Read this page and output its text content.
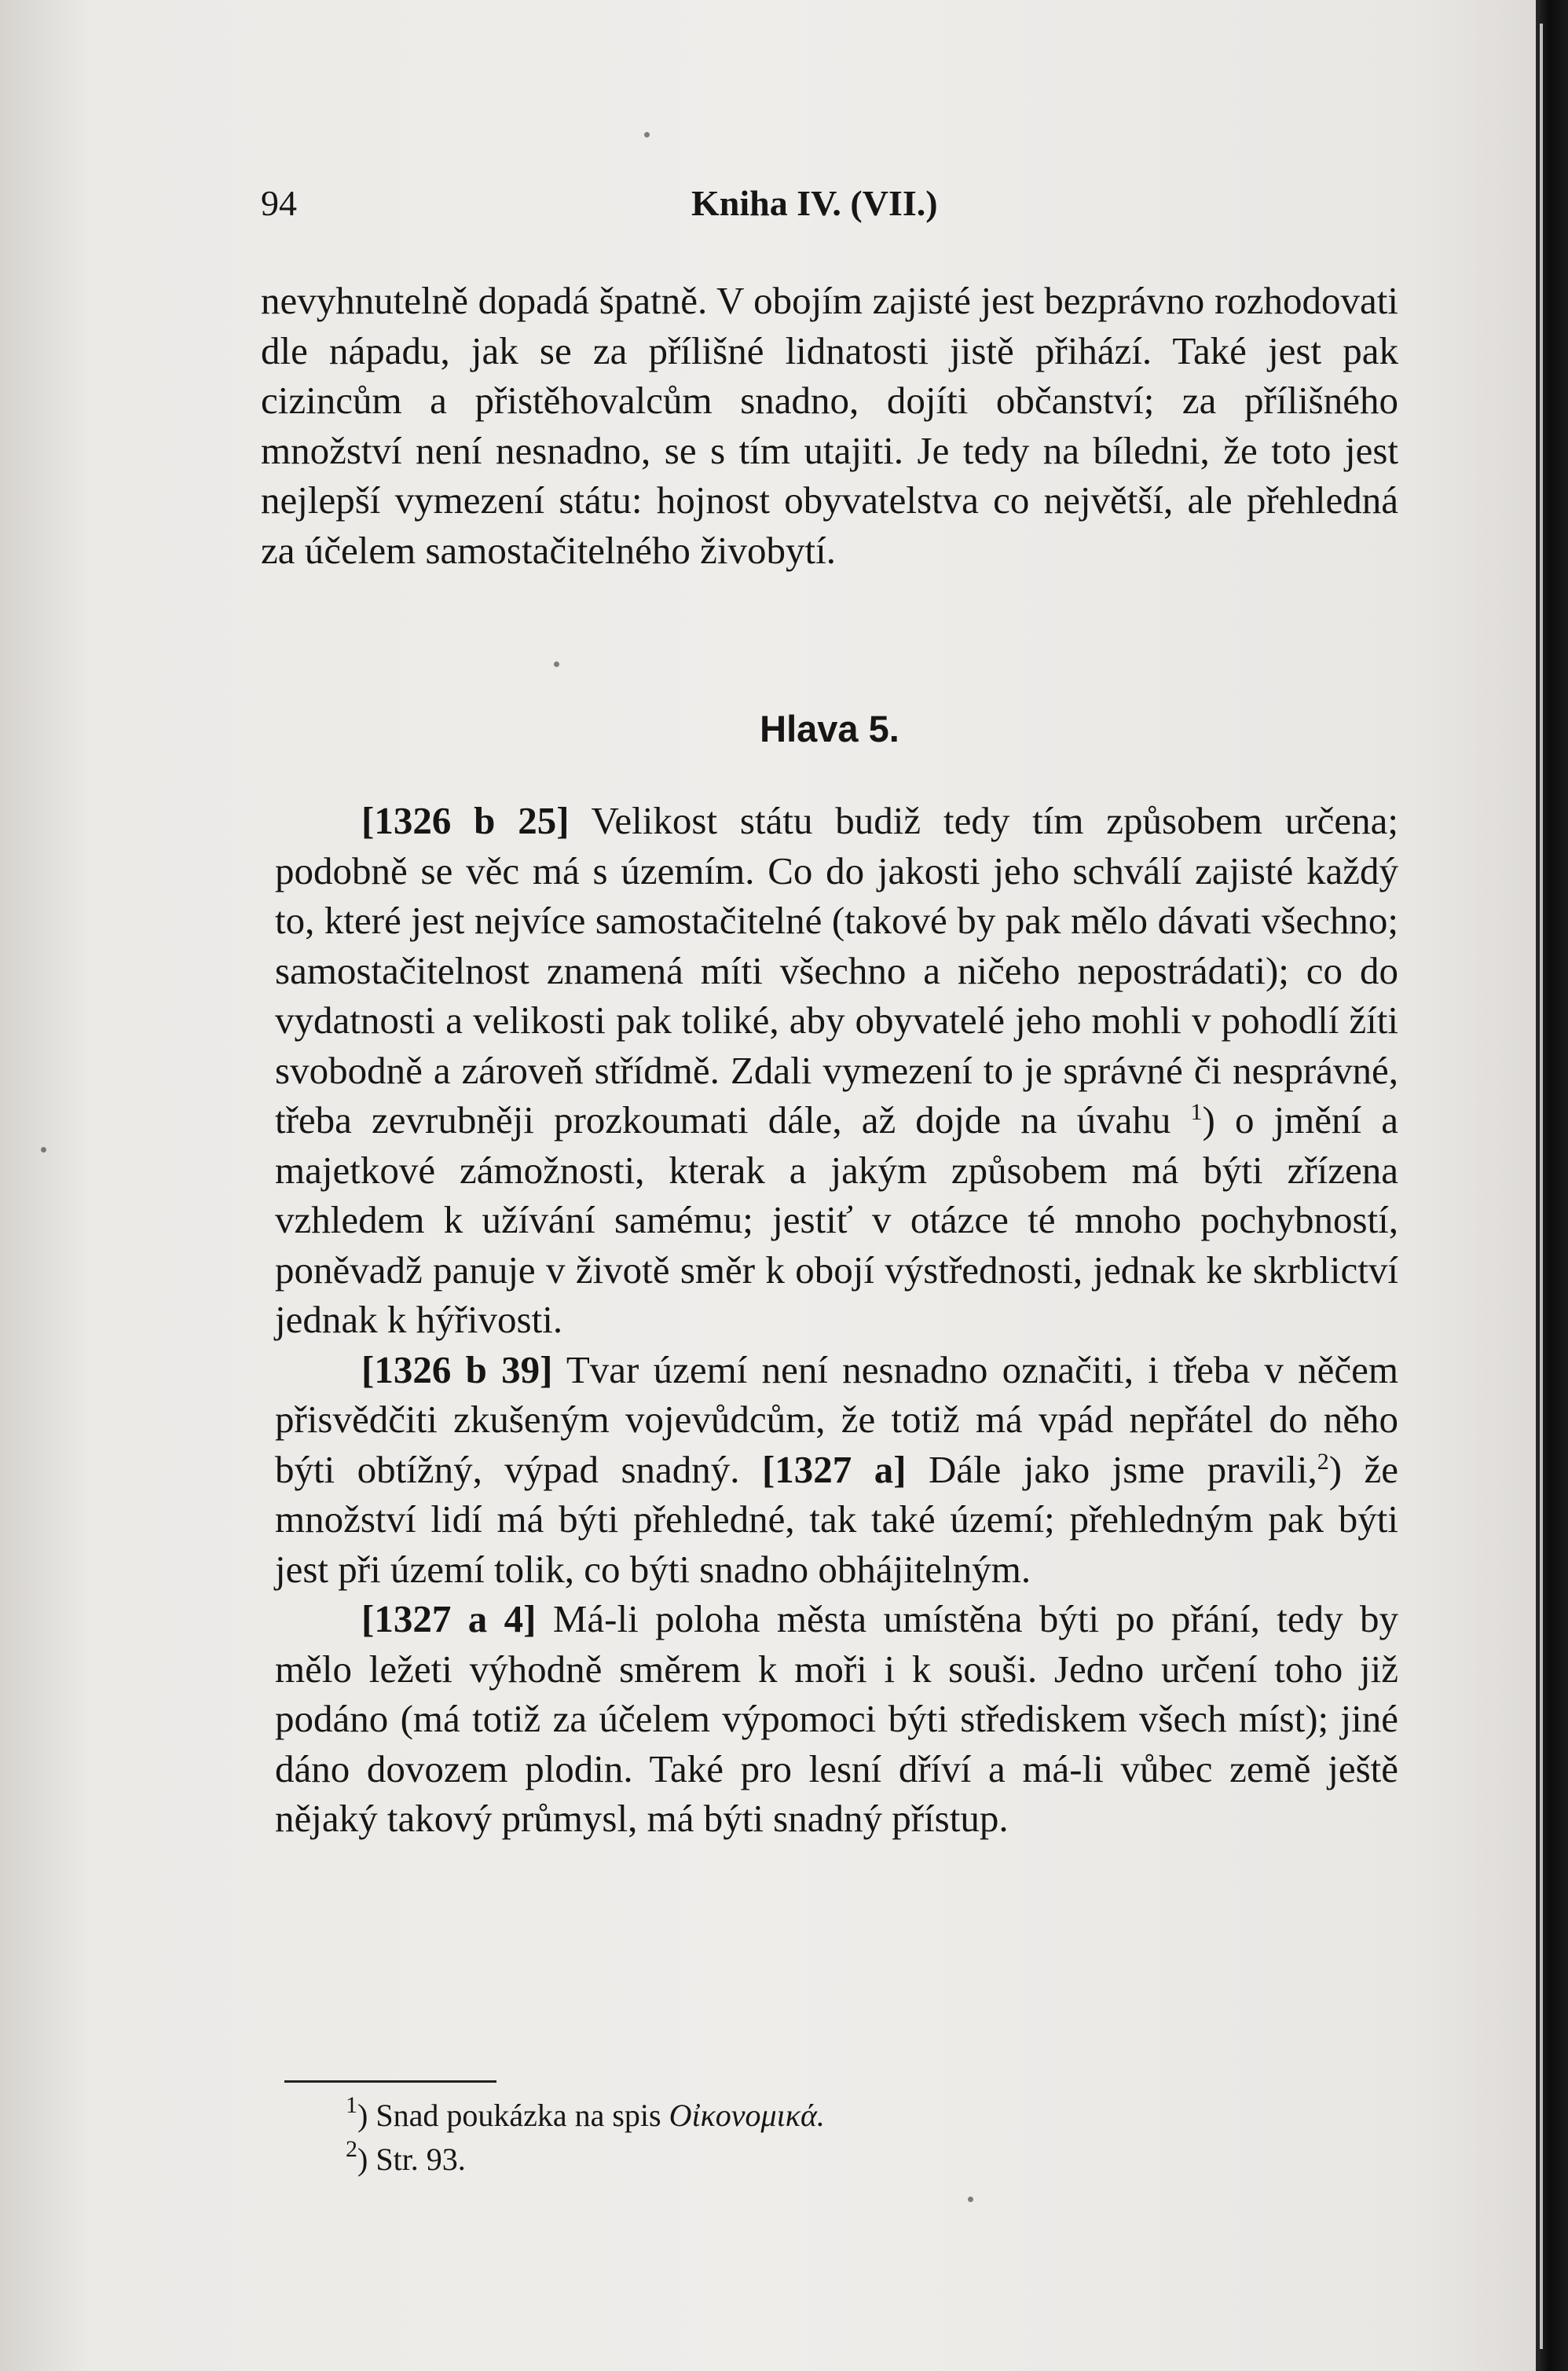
94	Kniha IV. (VII.)

nevyhnutelně dopadá špatně. V obojím zajisté jest bezprávno rozhodovati dle nápadu, jak se za přílišné lidnatosti jistě přihází. Také jest pak cizincům a přistěhovalcům snadno, dojíti občanství; za přílišného množství není nesnadno, se s tím utajiti. Je tedy na bíledni, že toto jest nejlepší vymezení státu: hojnost obyvatelstva co největší, ale přehledná za účelem samostačitelného živobytí.

Hlava 5.

[1326 b 25] Velikost státu budiž tedy tím způsobem určena; podobně se věc má s územím. Co do jakosti jeho schválí zajisté každý to, které jest nejvíce samostačitelné (takové by pak mělo dávati všechno; samostačitelnost znamená míti všechno a ničeho nepostrádati); co do vydatnosti a velikosti pak toliké, aby obyvatelé jeho mohli v pohodlí žíti svobodně a zároveň střídmě. Zdali vymezení to je správné či nesprávné, třeba zevrubněji prozkoumati dále, až dojde na úvahu $^1$) o jmění a majetkové zámožnosti, kterak a jakým způsobem má býti zřízena vzhledem k užívání samému; jestiť v otázce té mnoho pochybností, poněvadž panuje v životě směr k obojí výstřednosti, jednak ke skrblictví jednak k hýřivosti.

[1326 b 39] Tvar území není nesnadno označiti, i třeba v něčem přisvědčiti zkušeným vojevůdcům, že totiž má vpád nepřátel do něho býti obtížný, výpad snadný. [1327 a] Dále jako jsme pravili,$^2$) že množství lidí má býti přehledné, tak také území; přehledným pak býti jest při území tolik, co býti snadno obhájitelným.

[1327 a 4] Má-li poloha města umístěna býti po přání, tedy by mělo ležeti výhodně směrem k moři i k souši. Jedno určení toho již podáno (má totiž za účelem výpomoci býti střediskem všech míst); jiné dáno dovozem plodin. Také pro lesní dříví a má-li vůbec země ještě nějaký takový průmysl, má býti snadný přístup.

$^1$) Snad poukázka na spis Οἰκονομικά.

$^2$) Str. 93.
